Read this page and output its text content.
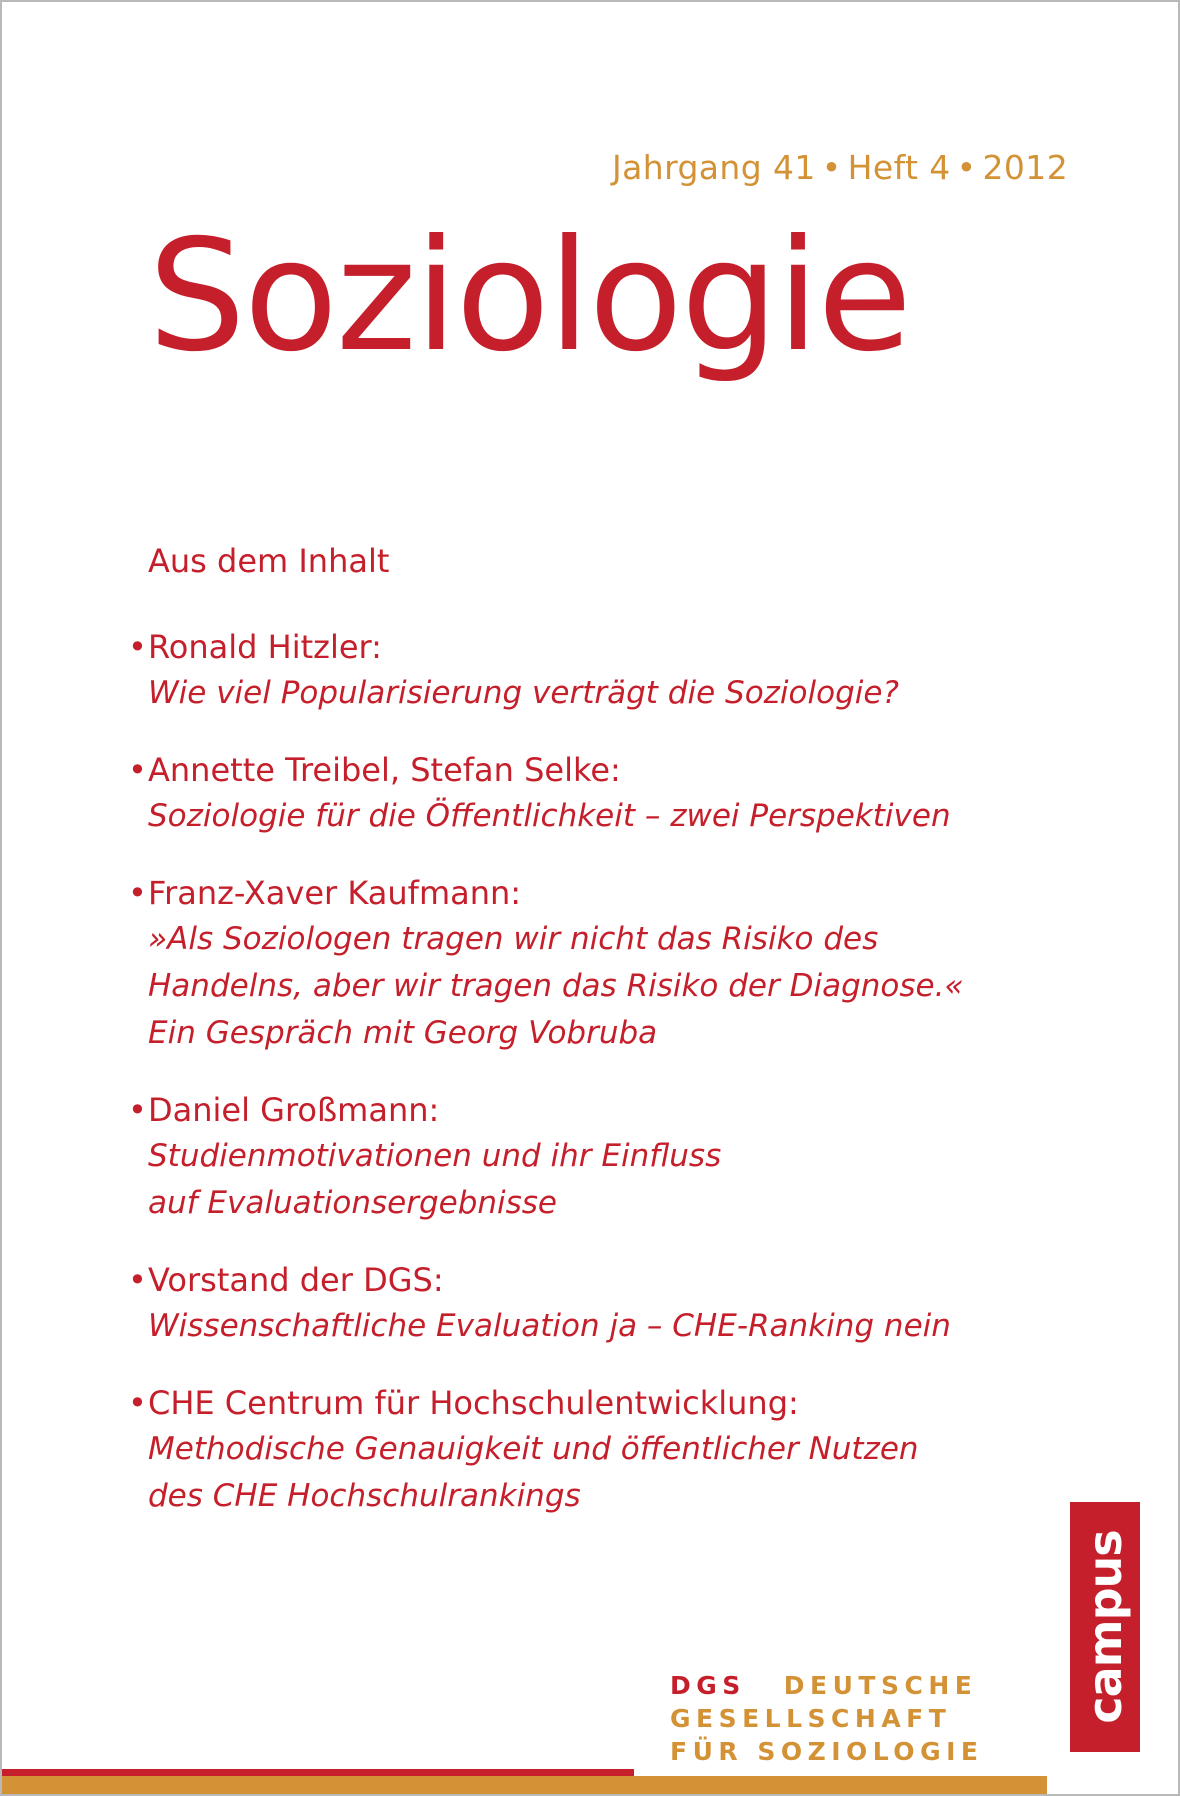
Jahrgang 41 • Heft 4 • 2012
Soziologie
Aus dem Inhalt
• Ronald Hitzler:
Wie viel Popularisierung verträgt die Soziologie?
• Annette Treibel, Stefan Selke:
Soziologie für die Öffentlichkeit – zwei Perspektiven
• Franz-Xaver Kaufmann:
»Als Soziologen tragen wir nicht das Risiko des
Handelns, aber wir tragen das Risiko der Diagnose.«
Ein Gespräch mit Georg Vobruba
• Daniel Großmann:
Studienmotivationen und ihr Einfluss
auf Evaluationsergebnisse
• Vorstand der DGS:
Wissenschaftliche Evaluation ja – CHE-Ranking nein
• CHE Centrum für Hochschulentwicklung:
Methodische Genauigkeit und öffentlicher Nutzen
des CHE Hochschulrankings
campus
DGS DEUTSCHE
GESELLSCHAFT
FÜR SOZIOLOGIE
